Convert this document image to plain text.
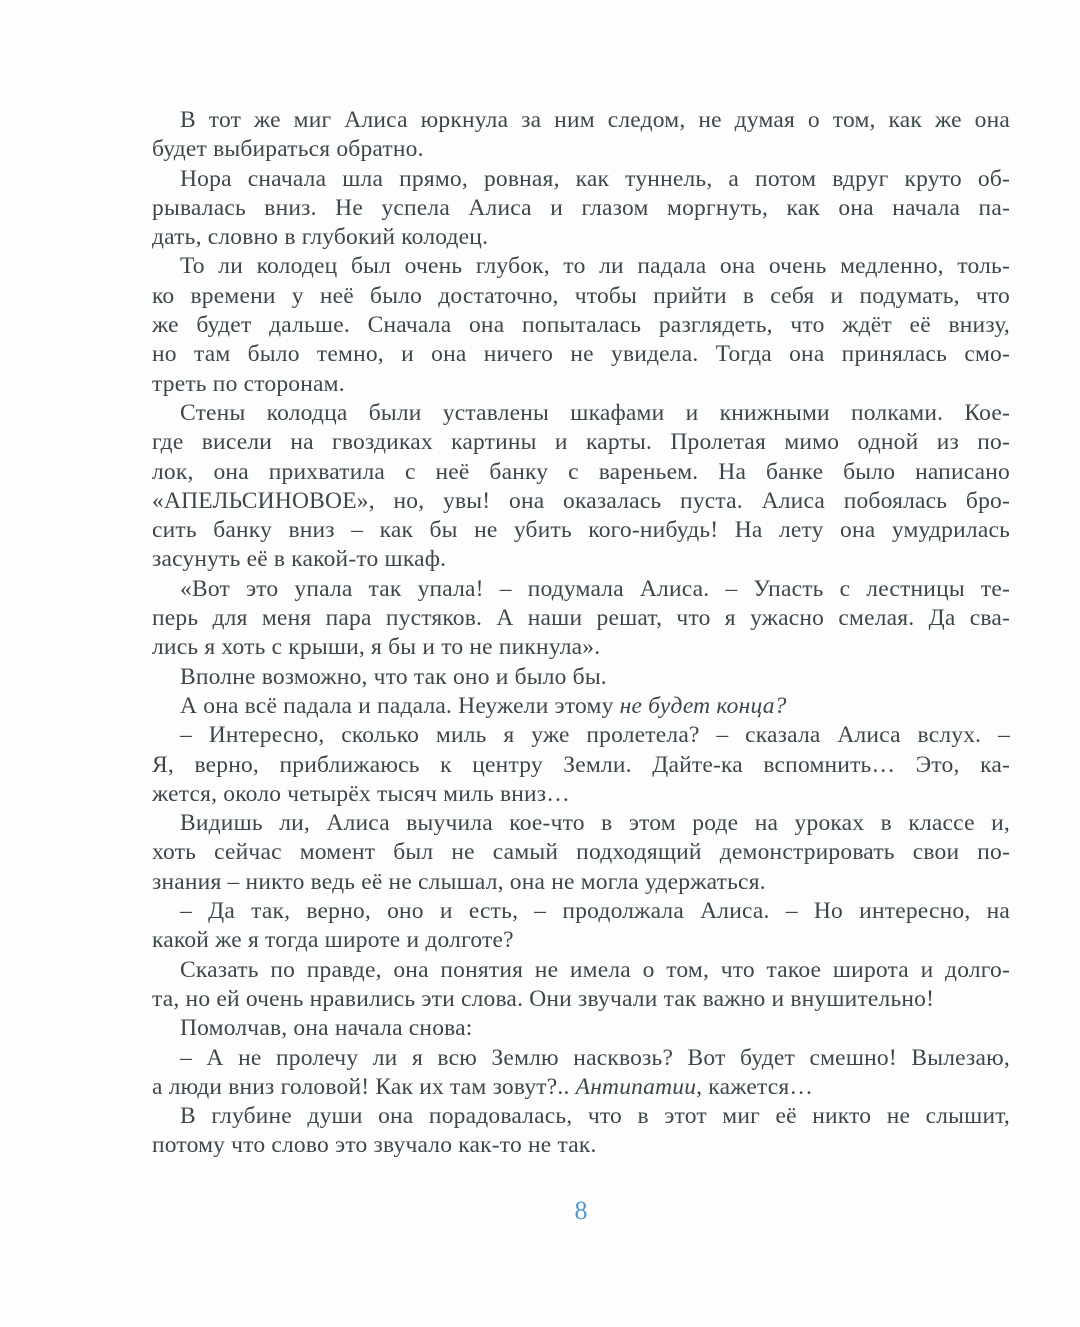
В тот же миг Алиса юркнула за ним следом, не думая о том, как же она
будет выбираться обратно.
Нора сначала шла прямо, ровная, как туннель, а потом вдруг круто об-
рывалась вниз. Не успела Алиса и глазом моргнуть, как она начала па-
дать, словно в глубокий колодец.
То ли колодец был очень глубок, то ли падала она очень медленно, толь-
ко времени у неё было достаточно, чтобы прийти в себя и подумать, что
же будет дальше. Сначала она попыталась разглядеть, что ждёт её внизу,
но там было темно, и она ничего не увидела. Тогда она принялась смо-
треть по сторонам.
Стены колодца были уставлены шкафами и книжными полками. Кое-
где висели на гвоздиках картины и карты. Пролетая мимо одной из по-
лок, она прихватила с неё банку с вареньем. На банке было написано
«АПЕЛЬСИНОВОЕ», но, увы! она оказалась пуста. Алиса побоялась бро-
сить банку вниз – как бы не убить кого-нибудь! На лету она умудрилась
засунуть её в какой-то шкаф.
«Вот это упала так упала! – подумала Алиса. – Упасть с лестницы те-
перь для меня пара пустяков. А наши решат, что я ужасно смелая. Да сва-
лись я хоть с крыши, я бы и то не пикнула».
Вполне возможно, что так оно и было бы.
А она всё падала и падала. Неужели этому не будет конца?
– Интересно, сколько миль я уже пролетела? – сказала Алиса вслух. –
Я, верно, приближаюсь к центру Земли. Дайте-ка вспомнить… Это, ка-
жется, около четырёх тысяч миль вниз…
Видишь ли, Алиса выучила кое-что в этом роде на уроках в классе и,
хоть сейчас момент был не самый подходящий демонстрировать свои по-
знания – никто ведь её не слышал, она не могла удержаться.
– Да так, верно, оно и есть, – продолжала Алиса. – Но интересно, на
какой же я тогда широте и долготе?
Сказать по правде, она понятия не имела о том, что такое широта и долго-
та, но ей очень нравились эти слова. Они звучали так важно и внушительно!
Помолчав, она начала снова:
– А не пролечу ли я всю Землю насквозь? Вот будет смешно! Вылезаю,
а люди вниз головой! Как их там зовут?.. Антипатии, кажется…
В глубине души она порадовалась, что в этот миг её никто не слышит,
потому что слово это звучало как-то не так.
8
